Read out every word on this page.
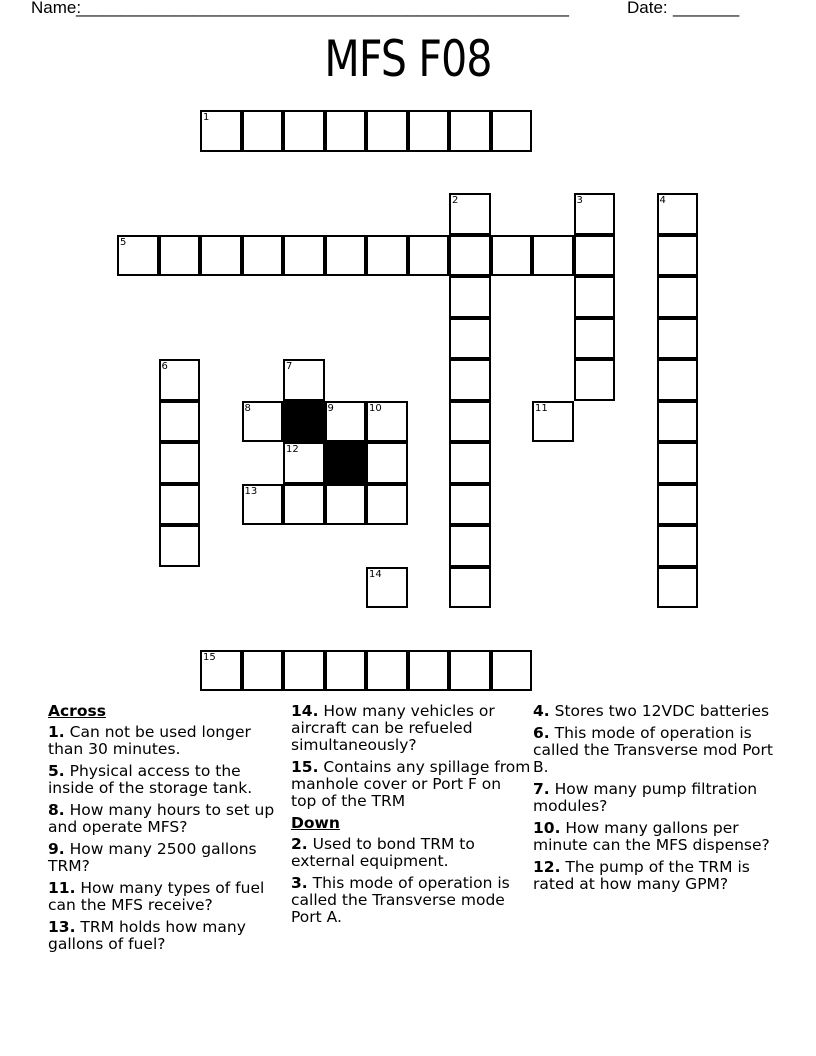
Name:
_______________________________________________________	Date: _______
MFS F08
1
2	3	4
5
6	7
8	9	10	11
12
13
14
15
Across
1. Can not be used longer than 30 minutes.
5. Physical access to the inside of the storage tank.
8. How many hours to set up and operate MFS?
9. How many 2500 gallons TRM?
11. How many types of fuel can the MFS receive?
13. TRM holds how many gallons of fuel?
14. How many vehicles or aircraft can be refueled simultaneously?
15. Contains any spillage from manhole cover or Port F on top of the TRM
Down
2. Used to bond TRM to external equipment.
3. This mode of operation is called the Transverse mode Port A.
4. Stores two 12VDC batteries
6. This mode of operation is called the Transverse mod Port B.
7. How many pump filtration modules?
10. How many gallons per minute can the MFS dispense?
12. The pump of the TRM is rated at how many GPM?
